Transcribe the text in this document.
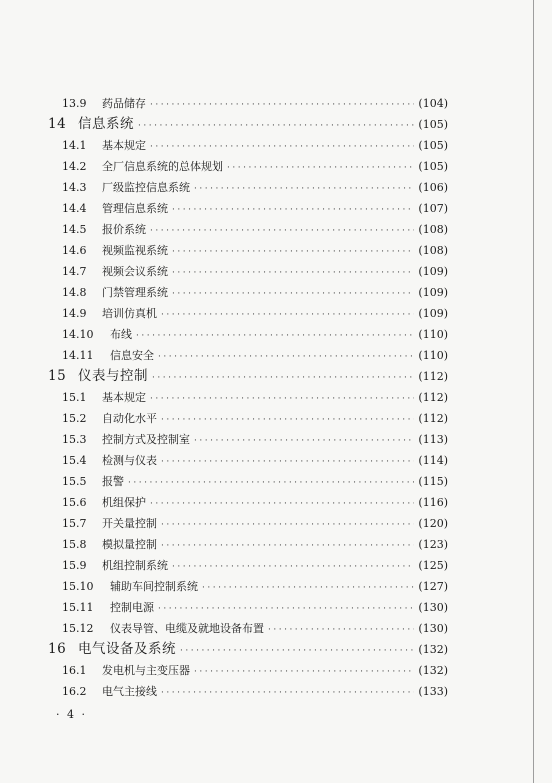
13.9	药品储存 ·····	(104)
14 信息系统 ·····	(105)
14.1	基本规定 ·····	(105)
14.2	全厂信息系统的总体规划 ·····	(105)
14.3	厂级监控信息系统 ·····	(106)
14.4	管理信息系统 ·····	(107)
14.5	报价系统 ·····	(108)
14.6	视频监视系统 ·····	(108)
14.7	视频会议系统 ·····	(109)
14.8	门禁管理系统 ·····	(109)
14.9	培训仿真机 ·····	(109)
14.10	布线 ·····	(110)
14.11	信息安全 ·····	(110)
15 仪表与控制 ·····	(112)
15.1	基本规定 ·····	(112)
15.2	自动化水平 ·····	(112)
15.3	控制方式及控制室 ·····	(113)
15.4	检测与仪表 ·····	(114)
15.5	报警 ·····	(115)
15.6	机组保护 ·····	(116)
15.7	开关量控制 ·····	(120)
15.8	模拟量控制 ·····	(123)
15.9	机组控制系统 ·····	(125)
15.10	辅助车间控制系统 ·····	(127)
15.11	控制电源 ·····	(130)
15.12	仪表导管、电缆及就地设备布置 ·····	(130)
16 电气设备及系统 ·····	(132)
16.1	发电机与主变压器 ·····	(132)
16.2	电气主接线 ·····	(133)
· 4 ·
